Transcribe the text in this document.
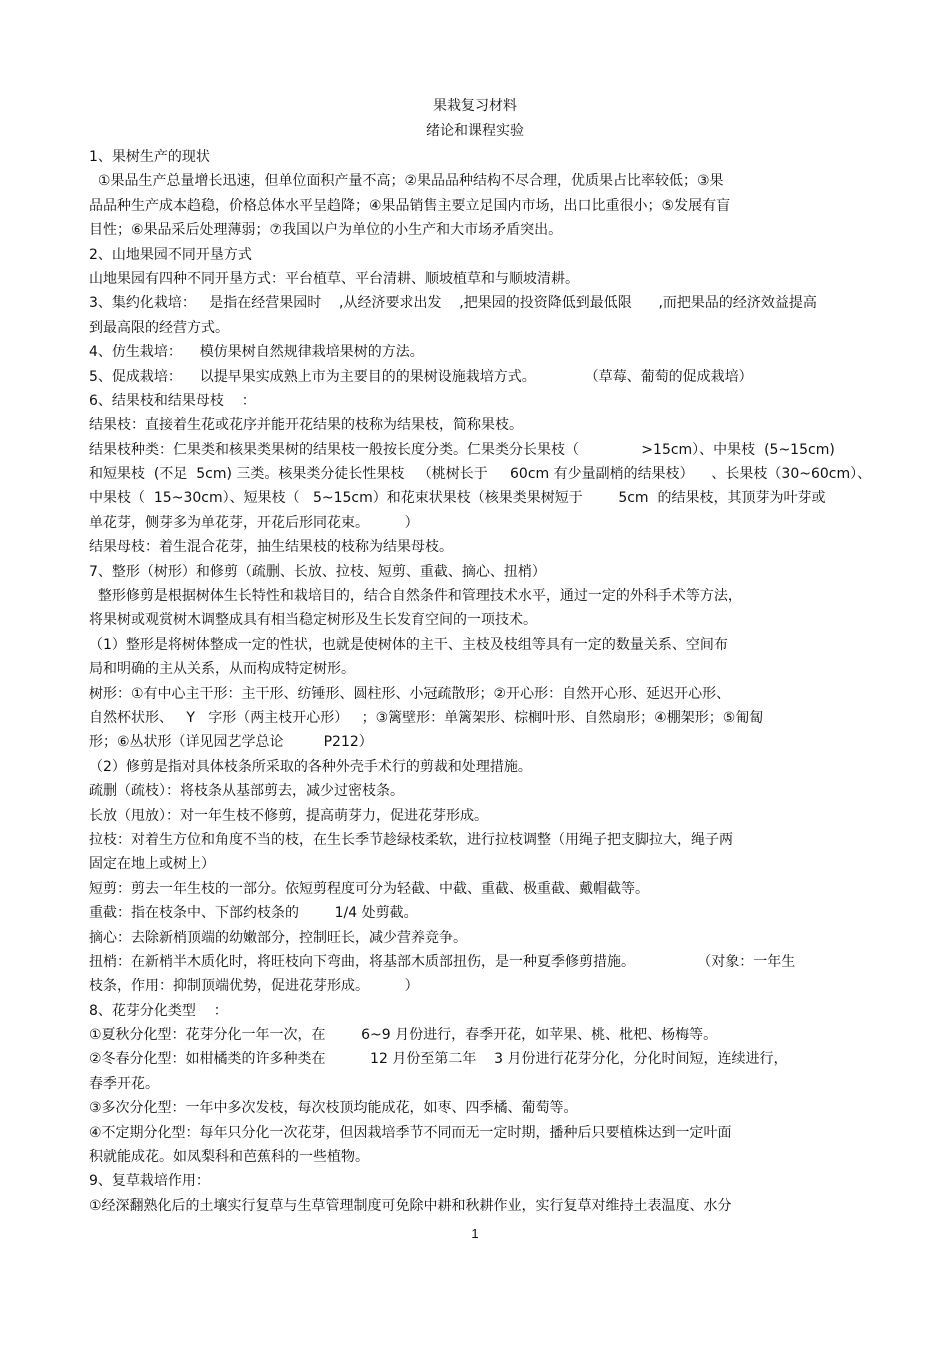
果栽复习材料
绪论和课程实验
1、果树生产的现状
①果品生产总量增长迅速，但单位面积产量不高；②果品品种结构不尽合理，优质果占比率较低；③果
品品种生产成本趋稳，价格总体水平呈趋降；④果品销售主要立足国内市场，出口比重很小；⑤发展有盲
目性；⑥果品采后处理薄弱；⑦我国以户为单位的小生产和大市场矛盾突出。
2、山地果园不同开垦方式
山地果园有四种不同开垦方式：平台植草、平台清耕、顺坡植草和与顺坡清耕。
3、集约化栽培：   是指在经营果园时    ,从经济要求出发    ,把果园的投资降低到最低限      ,而把果品的经济效益提高
到最高限的经营方式。
4、仿生栽培：    模仿果树自然规律栽培果树的方法。
5、促成栽培：    以提早果实成熟上市为主要目的的果树设施栽培方式。           （草莓、葡萄的促成栽培）
6、结果枝和结果母枝    ：
结果枝：直接着生花或花序并能开花结果的枝称为结果枝，简称果枝。
结果枝种类：仁果类和核果类果树的结果枝一般按长度分类。仁果类分长果枝（              >15cm）、中果枝  (5~15cm)
和短果枝  (不足  5cm) 三类。核果类分徒长性果枝   （桃树长于     60cm 有少量副梢的结果枝）    、长果枝（30~60cm）、
中果枝（  15~30cm）、短果枝（   5~15cm）和花束状果枝（核果类果树短于        5cm  的结果枝，其顶芽为叶芽或
单花芽，侧芽多为单花芽，开花后形同花束。        ）
结果母枝：着生混合花芽，抽生结果枝的枝称为结果母枝。
7、整形（树形）和修剪（疏删、长放、拉枝、短剪、重截、摘心、扭梢）
整形修剪是根据树体生长特性和栽培目的，结合自然条件和管理技术水平，通过一定的外科手术等方法，
将果树或观赏树木调整成具有相当稳定树形及生长发育空间的一项技术。
（1）整形是将树体整成一定的性状，也就是使树体的主干、主枝及枝组等具有一定的数量关系、空间布
局和明确的主从关系，从而构成特定树形。
树形：①有中心主干形：主干形、纺锤形、圆柱形、小冠疏散形；②开心形：自然开心形、延迟开心形、
自然杯状形、   Y   字形（两主枝开心形）   ；③篱壁形：单篱架形、棕榈叶形、自然扇形；④棚架形；⑤匍匐
形；⑥丛状形（详见园艺学总论         P212）
（2）修剪是指对具体枝条所采取的各种外壳手术行的剪裁和处理措施。
疏删（疏枝）：将枝条从基部剪去，减少过密枝条。
长放（甩放）：对一年生枝不修剪，提高萌芽力，促进花芽形成。
拉枝：对着生方位和角度不当的枝，在生长季节趁绿枝柔软，进行拉枝调整（用绳子把支脚拉大，绳子两
固定在地上或树上）
短剪：剪去一年生枝的一部分。依短剪程度可分为轻截、中截、重截、极重截、戴帽截等。
重截：指在枝条中、下部约枝条的        1/4 处剪截。
摘心：去除新梢顶端的幼嫩部分，控制旺长，减少营养竞争。
扭梢：在新梢半木质化时，将旺枝向下弯曲，将基部木质部扭伤，是一种夏季修剪措施。              （对象：一年生
枝条，作用：抑制顶端优势，促进花芽形成。        ）
8、花芽分化类型    ：
①夏秋分化型：花芽分化一年一次，在        6~9 月份进行，春季开花，如苹果、桃、枇杷、杨梅等。
②冬春分化型：如柑橘类的许多种类在          12 月份至第二年    3 月份进行花芽分化，分化时间短，连续进行，
春季开花。
③多次分化型：一年中多次发枝，每次枝顶均能成花，如枣、四季橘、葡萄等。
④不定期分化型：每年只分化一次花芽，但因栽培季节不同而无一定时期，播种后只要植株达到一定叶面
积就能成花。如凤梨科和芭蕉科的一些植物。
9、复草栽培作用：
①经深翻熟化后的土壤实行复草与生草管理制度可免除中耕和秋耕作业，实行复草对维持土表温度、水分
1
